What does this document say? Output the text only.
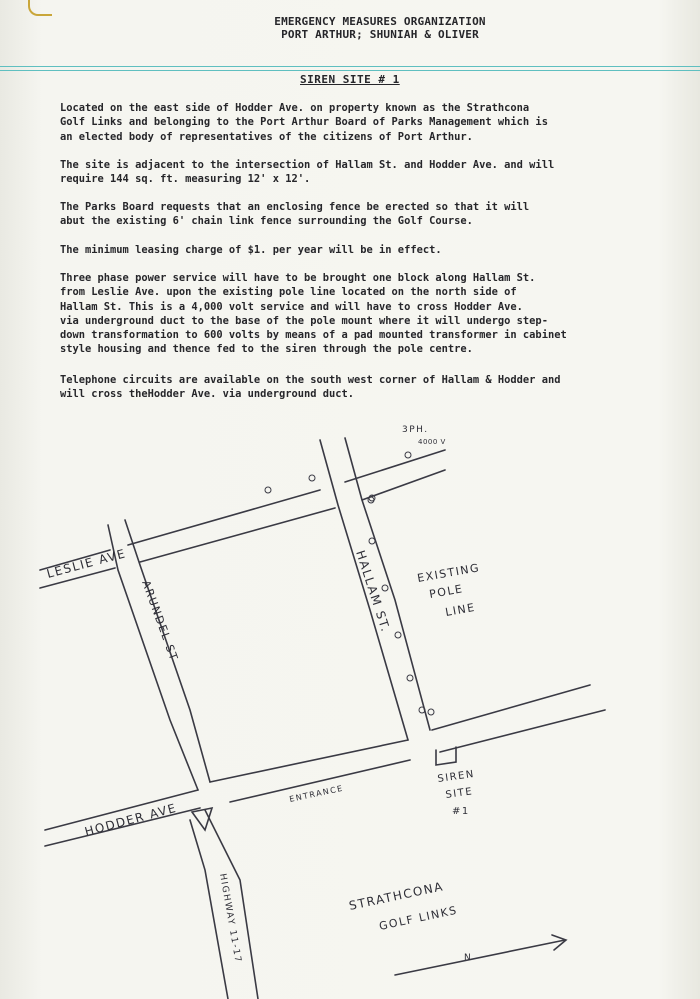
EMERGENCY MEASURES ORGANIZATION
PORT ARTHUR; SHUNIAH & OLIVER
SIREN SITE # 1

Located on the east side of Hodder Ave. on property known as the Strathcona
Golf Links and belonging to the Port Arthur Board of Parks Management which is
an elected body of representatives of the citizens of Port Arthur.

The site is adjacent to the intersection of Hallam St. and Hodder Ave. and will
require 144 sq. ft. measuring 12' x 12'.

The Parks Board requests that an enclosing fence be erected so that it will
abut the existing 6' chain link fence surrounding the Golf Course.

The minimum leasing charge of $1. per year will be in effect.

Three phase power service will have to be brought one block along Hallam St.
from Leslie Ave. upon the existing pole line located on the north side of
Hallam St. This is a 4,000 volt service and will have to cross Hodder Ave.
via underground duct to the base of the pole mount where it will undergo step-
down transformation to 600 volts by means of a pad mounted transformer in cabinet
style housing and thence fed to the siren through the pole centre.

Telephone circuits are available on the south west corner of Hallam & Hodder and
will cross theHodder Ave. via underground duct.

LESLIE AVE
ARUNDEL ST	HALLAM ST. EXISTING
POLE
LINE
3PH.
4000 V
HODDER AVE
ENTRANCE
SIREN
SITE
#1
HIGHWAY 11-17	STRATHCONA
GOLF LINKS
N
